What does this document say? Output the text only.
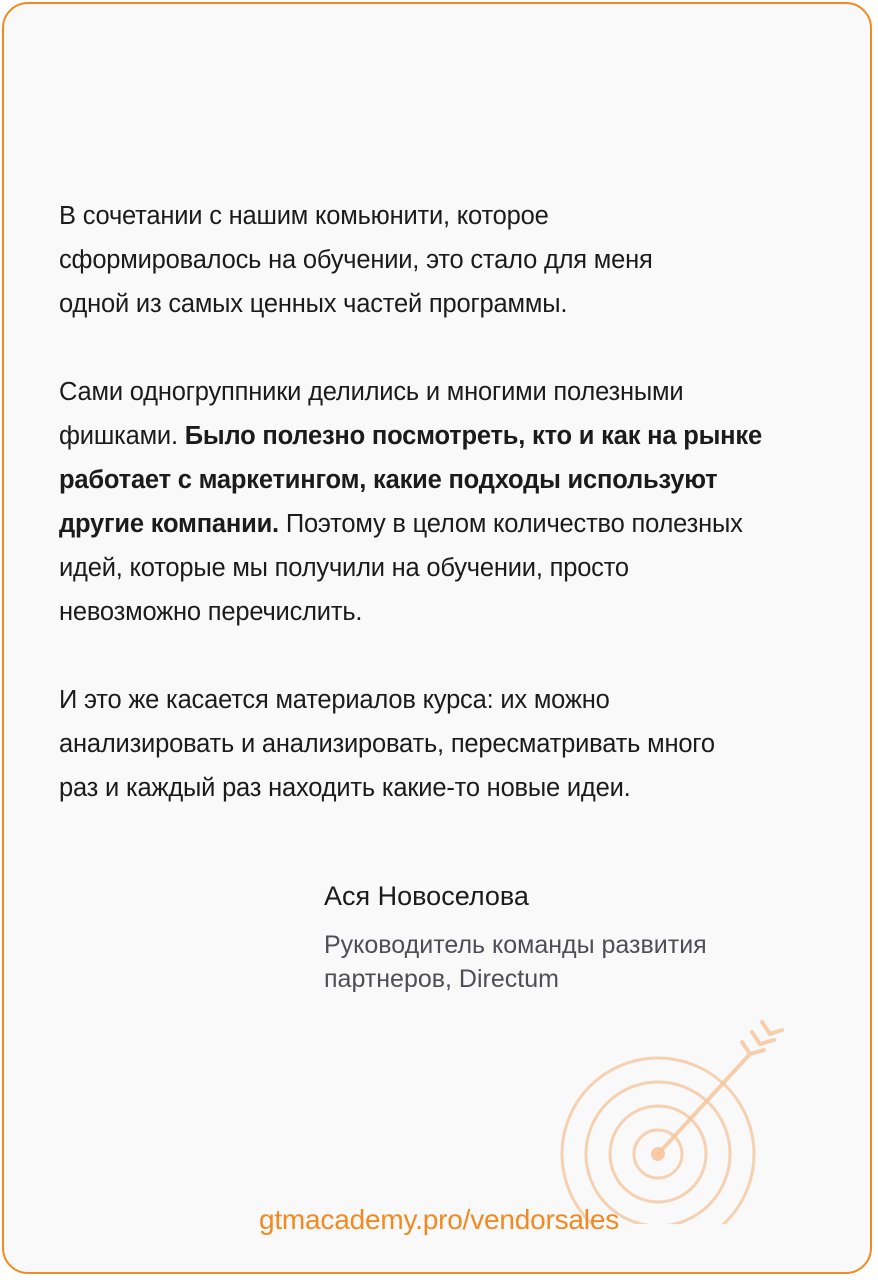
В сочетании с нашим комьюнити, которое
сформировалось на обучении, это стало для меня
одной из самых ценных частей программы.

Сами одногруппники делились и многими полезными
фишками. Было полезно посмотреть, кто и как на рынке
работает с маркетингом, какие подходы используют
другие компании. Поэтому в целом количество полезных
идей, которые мы получили на обучении, просто
невозможно перечислить.

И это же касается материалов курса: их можно
анализировать и анализировать, пересматривать много
раз и каждый раз находить какие-то новые идеи.

Ася Новоселова
Руководитель команды развития
партнеров, Directum
gtmacademy.pro/vendorsales
